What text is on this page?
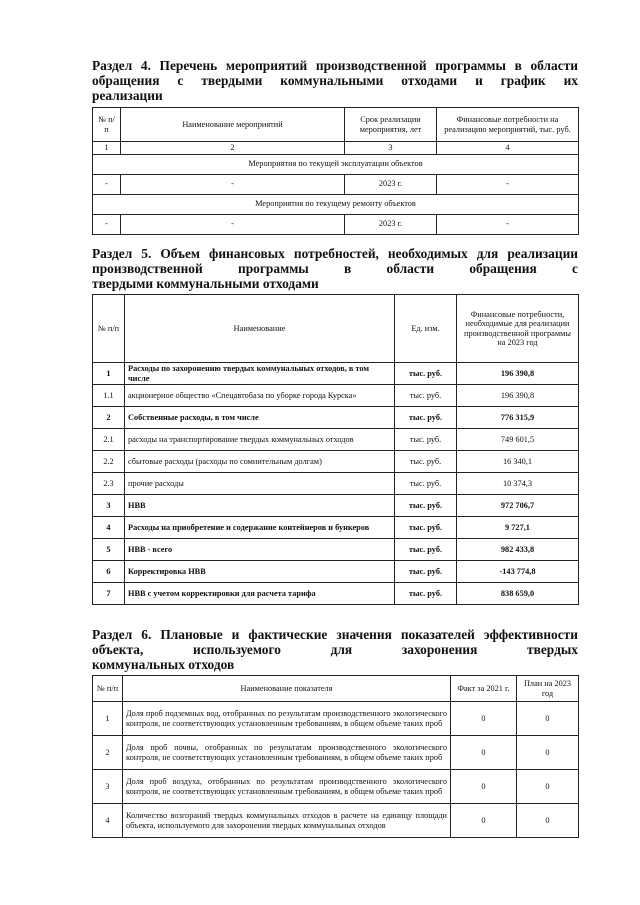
Раздел 4. Перечень мероприятий производственной программы в области обращения с твердыми коммунальными отходами и график их
реализации
№ п/п	Наименование мероприятий	Срок реализации мероприятия, лет	Финансовые потребности на реализацию мероприятий, тыс. руб.
1	2	3	4
Мероприятия по текущей эксплуатации объектов			
-	-	2023 г.	-
Мероприятия по текущему ремонту объектов			
-	-	2023 г.	-
Раздел 5. Объем финансовых потребностей, необходимых для реализации производственной программы в области обращения с
твердыми коммунальными отходами
№ п/п	Наименование	Ед. изм.	Финансовые потребности, необходимые для реализации производственной программы на 2023 год
1	Расходы по захоронению твердых коммунальных отходов, в том числе	тыс. руб.	196 390,8
1.1	акционерное общество «Спецавтобаза по уборке города Курска»	тыс. руб.	196 390,8
2	Собственные расходы, в том числе	тыс. руб.	776 315,9
2.1	расходы на транспортирование твердых коммунальных отходов	тыс. руб.	749 601,5
2.2	сбытовые расходы (расходы по сомнительным долгам)	тыс. руб.	16 340,1
2.3	прочие расходы	тыс. руб.	10 374,3
3	НВВ	тыс. руб.	972 706,7
4	Расходы на приобретение и содержание контейнеров и бункеров	тыс. руб.	9 727,1
5	НВВ - всего	тыс. руб.	982 433,8
6	Корректировка НВВ	тыс. руб.	-143 774,8
7	НВВ с учетом корректировки для расчета тарифа	тыс. руб.	838 659,0
Раздел 6. Плановые и фактические значения показателей эффективности объекта, используемого для захоронения твердых
коммунальных отходов
№ п/п	Наименование показателя	Факт за 2021 г.	План на 2023 год
1	Доля проб подземных вод, отобранных по результатам производственного экологического контроля, не соответствующих установленным требованиям, в общем объеме таких проб	0	0
2	Доля проб почвы, отобранных по результатам производственного экологического контроля, не соответствующих установленным требованиям, в общем объеме таких проб	0	0
3	Доля проб воздуха, отобранных по результатам производственного экологического контроля, не соответствующих установленным требованиям, в общем объеме таких проб	0	0
4	Количество возгораний твердых коммунальных отходов в расчете на единицу площади объекта, используемого для захоронения твердых коммунальных отходов	0	0
